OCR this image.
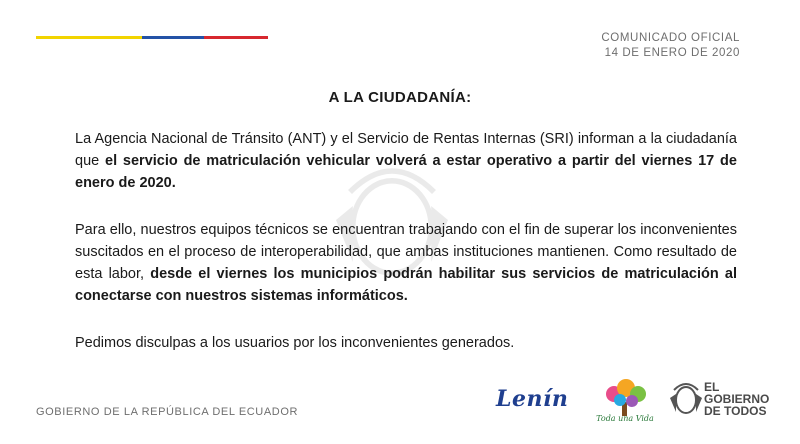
COMUNICADO OFICIAL
14 DE ENERO DE 2020
A LA CIUDADANÍA:
La Agencia Nacional de Tránsito (ANT) y el Servicio de Rentas Internas (SRI) informan a la ciudadanía que el servicio de matriculación vehicular volverá a estar operativo a partir del viernes 17 de enero de 2020.
Para ello, nuestros equipos técnicos se encuentran trabajando con el fin de superar los inconvenientes suscitados en el proceso de interoperabilidad, que ambas instituciones mantienen. Como resultado de esta labor, desde el viernes los municipios podrán habilitar sus servicios de matriculación al conectarse con nuestros sistemas informáticos.
Pedimos disculpas a los usuarios por los inconvenientes generados.
GOBIERNO DE LA REPÚBLICA DEL ECUADOR	Lenín
Toda una Vida
EL
GOBIERNO
DE TODOS
